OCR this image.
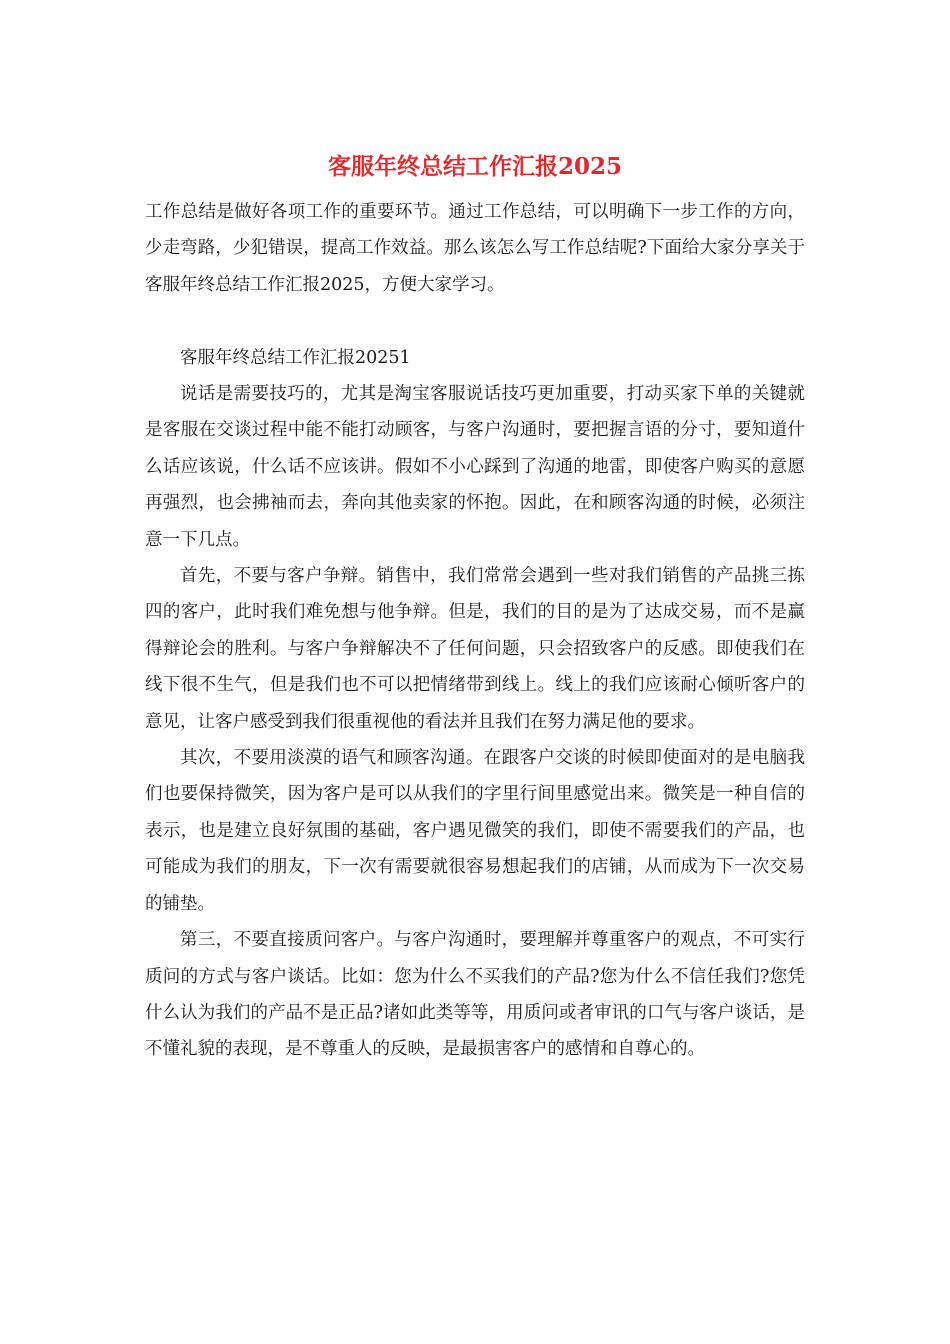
客服年终总结工作汇报2025

工作总结是做好各项工作的重要环节。通过工作总结，可以明确下一步工作的方向，少走弯路，少犯错误，提高工作效益。那么该怎么写工作总结呢?下面给大家分享关于客服年终总结工作汇报2025，方便大家学习。

客服年终总结工作汇报20251

说话是需要技巧的，尤其是淘宝客服说话技巧更加重要，打动买家下单的关键就是客服在交谈过程中能不能打动顾客，与客户沟通时，要把握言语的分寸，要知道什么话应该说，什么话不应该讲。假如不小心踩到了沟通的地雷，即使客户购买的意愿再强烈，也会拂袖而去，奔向其他卖家的怀抱。因此，在和顾客沟通的时候，必须注意一下几点。

首先，不要与客户争辩。销售中，我们常常会遇到一些对我们销售的产品挑三拣四的客户，此时我们难免想与他争辩。但是，我们的目的是为了达成交易，而不是赢得辩论会的胜利。与客户争辩解决不了任何问题，只会招致客户的反感。即使我们在线下很不生气，但是我们也不可以把情绪带到线上。线上的我们应该耐心倾听客户的意见，让客户感受到我们很重视他的看法并且我们在努力满足他的要求。

其次，不要用淡漠的语气和顾客沟通。在跟客户交谈的时候即使面对的是电脑我们也要保持微笑，因为客户是可以从我们的字里行间里感觉出来。微笑是一种自信的表示，也是建立良好氛围的基础，客户遇见微笑的我们，即使不需要我们的产品，也可能成为我们的朋友，下一次有需要就很容易想起我们的店铺，从而成为下一次交易的铺垫。

第三，不要直接质问客户。与客户沟通时，要理解并尊重客户的观点，不可实行质问的方式与客户谈话。比如：您为什么不买我们的产品?您为什么不信任我们?您凭什么认为我们的产品不是正品?诸如此类等等，用质问或者审讯的口气与客户谈话，是不懂礼貌的表现，是不尊重人的反映，是最损害客户的感情和自尊心的。
